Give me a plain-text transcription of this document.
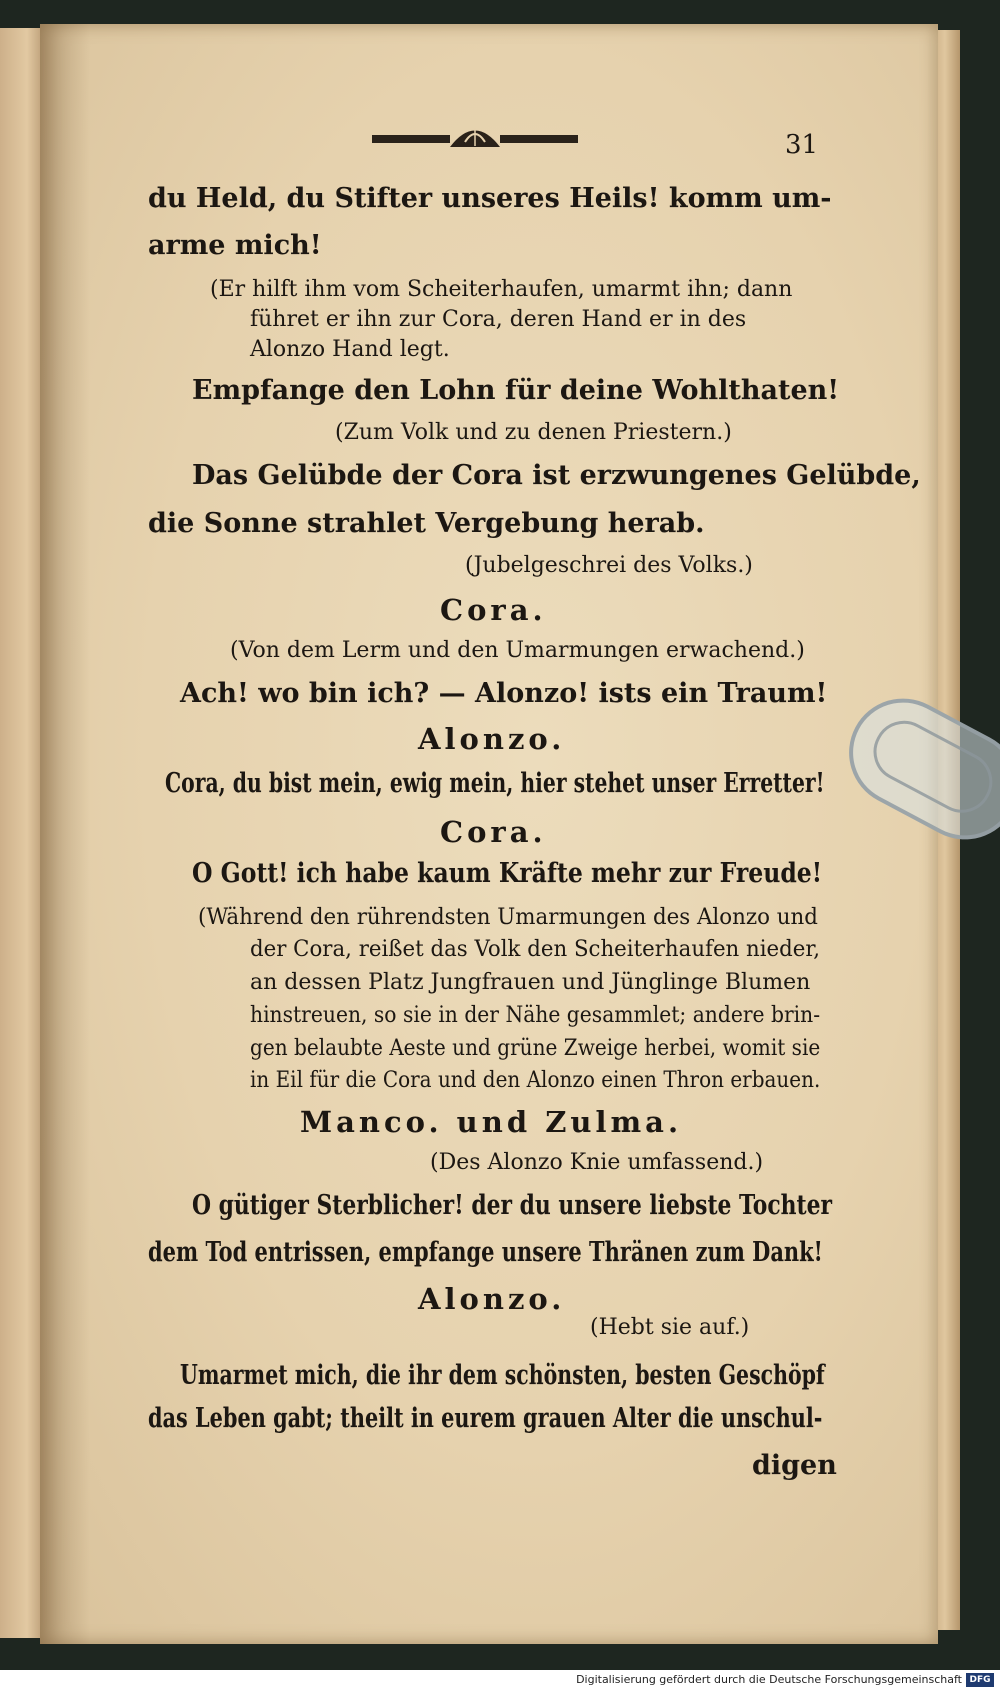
31
du Held, du Stifter unseres Heils! komm um-
arme mich!
(Er hilft ihm vom Scheiterhaufen, umarmt ihn; dann
führet er ihn zur Cora, deren Hand er in des
Alonzo Hand legt.
Empfange den Lohn für deine Wohlthaten!
(Zum Volk und zu denen Priestern.)
Das Gelübde der Cora ist erzwungenes Gelübde,
die Sonne strahlet Vergebung herab.
(Jubelgeschrei des Volks.)
Cora.
(Von dem Lerm und den Umarmungen erwachend.)
Ach! wo bin ich? — Alonzo! ists ein Traum!
Alonzo.
Cora, du bist mein, ewig mein, hier stehet unser Erretter!
Cora.
O Gott! ich habe kaum Kräfte mehr zur Freude!
(Während den rührendsten Umarmungen des Alonzo und
der Cora, reißet das Volk den Scheiterhaufen nieder,
an dessen Platz Jungfrauen und Jünglinge Blumen
hinstreuen, so sie in der Nähe gesammlet; andere brin-
gen belaubte Aeste und grüne Zweige herbei, womit sie
in Eil für die Cora und den Alonzo einen Thron erbauen.
Manco. und Zulma.
(Des Alonzo Knie umfassend.)
O gütiger Sterblicher! der du unsere liebste Tochter
dem Tod entrissen, empfange unsere Thränen zum Dank!
Alonzo.
(Hebt sie auf.)
Umarmet mich, die ihr dem schönsten, besten Geschöpf
das Leben gabt; theilt in eurem grauen Alter die unschul-
digen
Digitalisierung gefördert durch die Deutsche Forschungsgemeinschaft DFG
